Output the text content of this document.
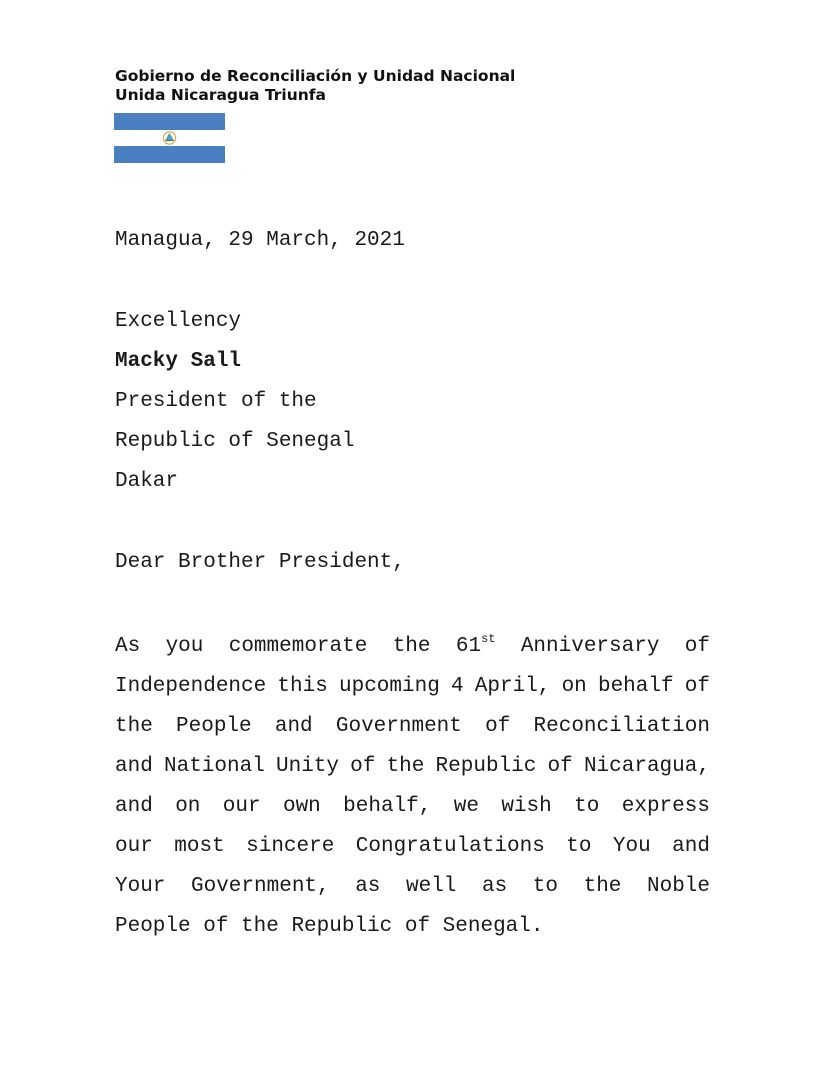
Gobierno de Reconciliación y Unidad Nacional
Unida Nicaragua Triunfa
Managua, 29 March, 2021
Excellency
Macky Sall
President of the
Republic of Senegal
Dakar
Dear Brother President,
As you commemorate the 61st Anniversary of
Independence this upcoming 4 April, on behalf of
the People and Government of Reconciliation
and National Unity of the Republic of Nicaragua,
and on our own behalf, we wish to express
our most sincere Congratulations to You and
Your Government, as well as to the Noble
People of the Republic of Senegal.
